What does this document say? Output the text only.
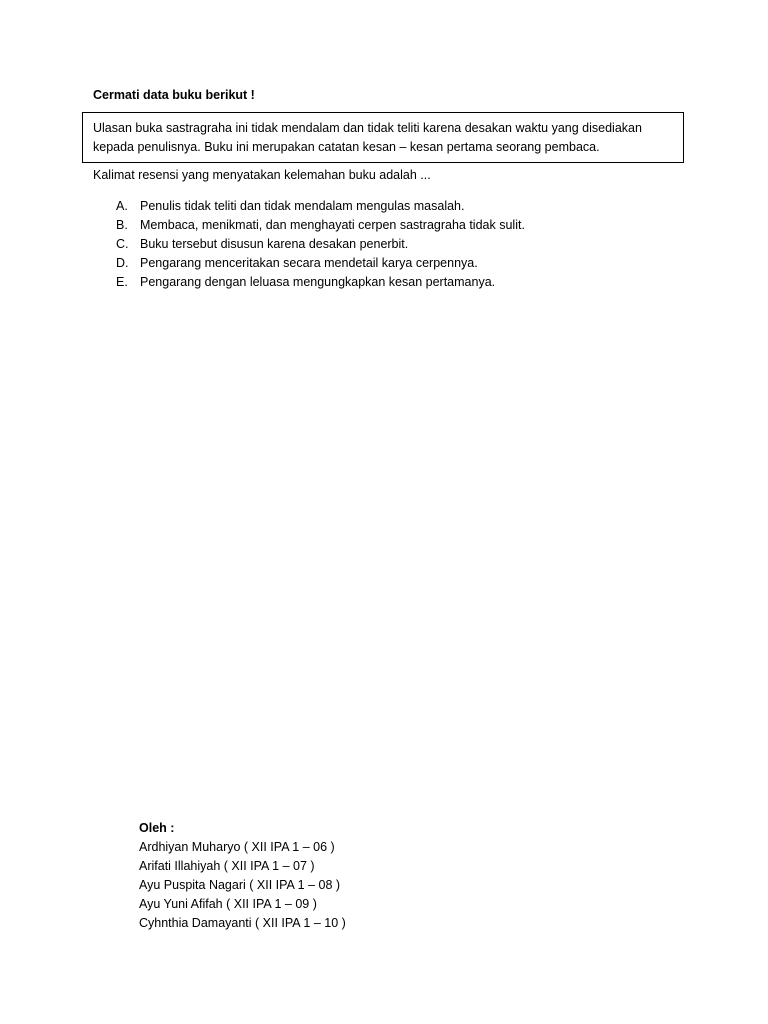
Cermati data buku berikut !
Ulasan buka sastragraha ini tidak mendalam dan tidak teliti karena desakan waktu yang disediakan
kepada penulisnya. Buku ini merupakan catatan kesan – kesan pertama seorang pembaca.
Kalimat resensi yang menyatakan kelemahan buku adalah ...
A. Penulis tidak teliti dan tidak mendalam mengulas masalah.
B. Membaca, menikmati, dan menghayati cerpen sastragraha tidak sulit.
C. Buku tersebut disusun karena desakan penerbit.
D. Pengarang menceritakan secara mendetail karya cerpennya.
E. Pengarang dengan leluasa mengungkapkan kesan pertamanya.
Oleh :
Ardhiyan Muharyo ( XII IPA 1 – 06 )
Arifati Illahiyah ( XII IPA 1 – 07 )
Ayu Puspita Nagari ( XII IPA 1 – 08 )
Ayu Yuni Afifah ( XII IPA 1 – 09 )
Cyhnthia Damayanti ( XII IPA 1 – 10 )
